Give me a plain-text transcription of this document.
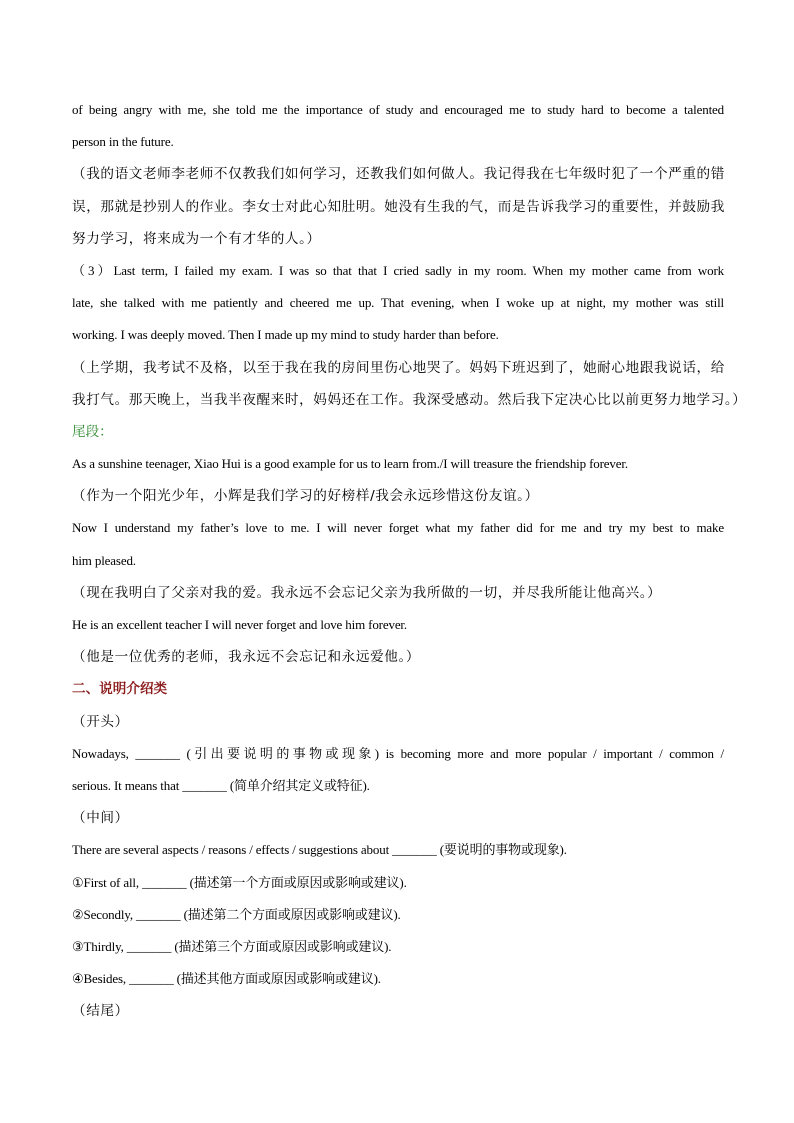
of being angry with me, she told me the importance of study and encouraged me to study hard to become a talented
person in the future.
（我的语文老师李老师不仅教我们如何学习，还教我们如何做人。我记得我在七年级时犯了一个严重的错
误，那就是抄别人的作业。李女士对此心知肚明。她没有生我的气，而是告诉我学习的重要性，并鼓励我
努力学习，将来成为一个有才华的人。）
（3）Last term, I failed my exam. I was so that that I cried sadly in my room. When my mother came from work
late, she talked with me patiently and cheered me up. That evening, when I woke up at night, my mother was still
working. I was deeply moved. Then I made up my mind to study harder than before.
（上学期，我考试不及格，以至于我在我的房间里伤心地哭了。妈妈下班迟到了，她耐心地跟我说话，给
我打气。那天晚上，当我半夜醒来时，妈妈还在工作。我深受感动。然后我下定决心比以前更努力地学习。）
尾段：
As a sunshine teenager, Xiao Hui is a good example for us to learn from./I will treasure the friendship forever.
（作为一个阳光少年，小辉是我们学习的好榜样/我会永远珍惜这份友谊。）
Now I understand my father’s love to me. I will never forget what my father did for me and try my best to make
him pleased.
（现在我明白了父亲对我的爱。我永远不会忘记父亲为我所做的一切，并尽我所能让他高兴。）
He is an excellent teacher I will never forget and love him forever.
（他是一位优秀的老师，我永远不会忘记和永远爱他。）
二、说明介绍类
（开头）
Nowadays, _______ (引出要说明的事物或现象) is becoming more and more popular / important / common /
serious. It means that _______ (简单介绍其定义或特征).
（中间）
There are several aspects / reasons / effects / suggestions about _______ (要说明的事物或现象).
①First of all, _______ (描述第一个方面或原因或影响或建议).
②Secondly, _______ (描述第二个方面或原因或影响或建议).
③Thirdly, _______ (描述第三个方面或原因或影响或建议).
④Besides, _______ (描述其他方面或原因或影响或建议).
（结尾）
